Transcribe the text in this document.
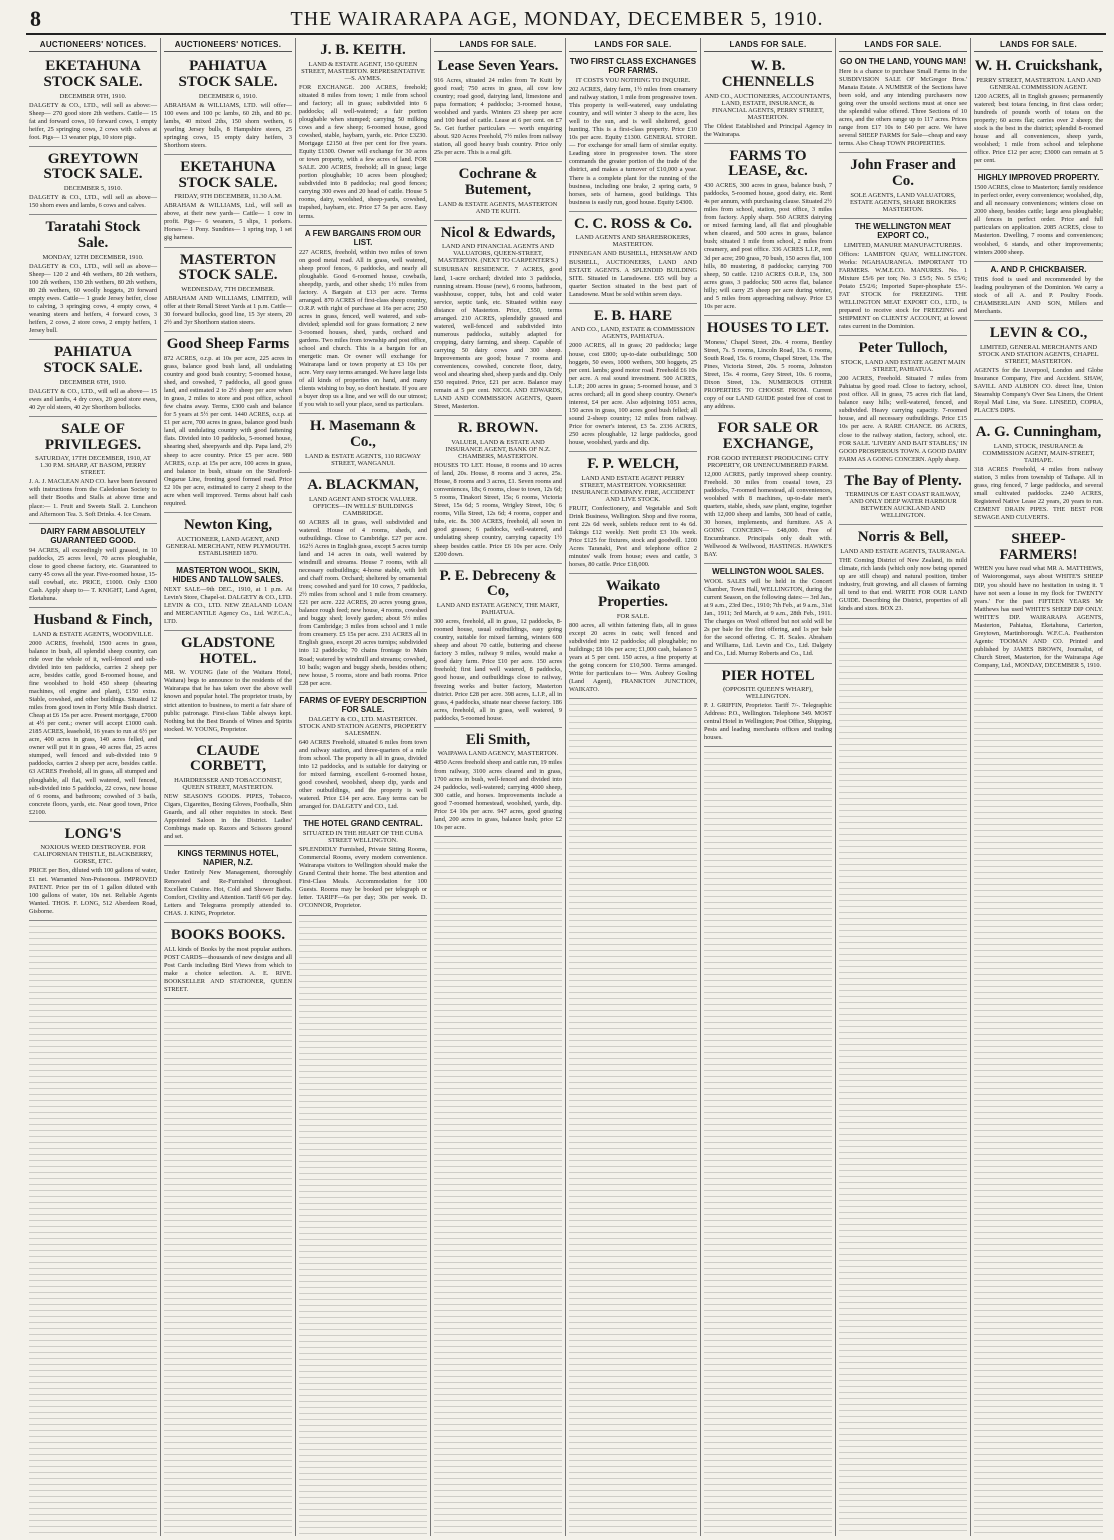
8	THE WAIRARAPA AGE, MONDAY, DECEMBER 5, 1910.
AUCTIONEERS' NOTICES.
EKETAHUNA STOCK SALE.
DECEMBER 9TH, 1910.

DALGETY & CO., LTD., will sell as above:— Sheep— 270 good store 2th wethers. Cattle— 15 fat and forward cows, 10 forward cows, 1 empty heifer, 25 springing cows, 2 cows with calves at foot. Pigs— 13 weaner pigs, 10 store pigs.

GREYTOWN STOCK SALE.
DECEMBER 5, 1910.

DALGETY & CO., LTD., will sell as above— 150 shorn ewes and lambs, 6 cows and calves.

Taratahi Stock Sale.
MONDAY, 12TH DECEMBER, 1910.

DALGETY & CO., LTD., will sell as above— Sheep— 120 2 and 4th wethers, 80 2th wethers, 100 2th wethers, 130 2th wethers, 80 2th wethers, 80 2th wethers, 60 woolly hoggets, 20 forward empty ewes. Cattle— 1 grade Jersey heifer, close to calving, 3 springing cows, 4 empty cows, 4 weaning steers and heifers, 4 forward cows, 3 heifers, 2 cows, 2 store cows, 2 empty heifers, 1 Jersey bull.

PAHIATUA STOCK SALE.
DECEMBER 6TH, 1910.

DALGETY & CO., LTD., will sell as above— 15 ewes and lambs, 4 dry cows, 20 good store ewes, 40 2yr old steers, 40 2yr Shorthorn bullocks.

SALE OF PRIVILEGES.
SATURDAY, 17TH DECEMBER, 1910, AT 1.30 P.M. SHARP, AT BASOM, PERRY STREET.

J. A. J. MACLEAN AND CO. have been favoured with instructions from the Caledonian Society to sell their Booths and Stalls at above time and place:— 1. Fruit and Sweets Stall. 2. Luncheon and Afternoon Tea. 3. Soft Drinks. 4. Ice Cream.

DAIRY FARM ABSOLUTELY GUARANTEED GOOD.

94 ACRES, all exceedingly well grassed, in 10 paddocks, 25 acres level, 70 acres ploughable, close to good cheese factory, etc. Guaranteed to carry 45 cows all the year. Five-roomed house, 15-stall cowbail, etc. PRICE, £1000. Only £300 Cash. Apply sharp to— T. KNIGHT, Land Agent, Eketahuna.

Husband & Finch,
LAND & ESTATE AGENTS, WOODVILLE.

2000 ACRES, freehold, 1500 acres in grass, balance in bush, all splendid sheep country, can ride over the whole of it, well-fenced and sub-divided into ten paddocks, carries 2 sheep per acre, besides cattle, good 8-roomed house, and fine woolshed to hold 450 sheep (shearing machines, oil engine and plant), £150 extra. Stable, cowshed, and other buildings. Situated 12 miles from good town in Forty Mile Bush district. Cheap at £6 15s per acre. Present mortgage, £7000 at 4½ per cent.; owner will accept £1000 cash. 2185 ACRES, leasehold, 16 years to run at 6½ per acre, 400 acres in grass, 140 acres felled, and owner will put it in grass, 40 acres flat, 25 acres stumped, well fenced and sub-divided into 9 paddocks, carries 2 sheep per acre, besides cattle. 63 ACRES Freehold, all in grass, all stumped and ploughable, all flat, well watered, well fenced, sub-divided into 5 paddocks, 22 cows, new house of 6 rooms, and bathroom; cowshed of 3 bails, concrete floors, yards, etc. Near good town, Price £2100.

LONG'S
NOXIOUS WEED DESTROYER. FOR CALIFORNIAN THISTLE, BLACKBERRY, GORSE, ETC.

PRICE per Box, diluted with 100 gallons of water, £1 net. Warranted Non-Poisonous. IMPROVED PATENT. Price per tin of 1 gallon diluted with 100 gallons of water, 10s net. Reliable Agents Wanted. THOS. F. LONG, 512 Aberdeen Road, Gisborne.

AUCTIONEERS' NOTICES.
PAHIATUA STOCK SALE.
DECEMBER 6, 1910.

ABRAHAM & WILLIAMS, LTD. will offer— 100 ewes and 100 pc lambs, 60 2th, and 80 pc. lambs, 40 mixed 2ths, 150 shorn wethers, 6 yearling Jersey bulls, 8 Hampshire steers, 25 springing cows, 15 empty dairy heifers, 3 Shorthorn steers.

EKETAHUNA STOCK SALE.
FRIDAY, 9TH DECEMBER, 11.30 A.M.

ABRAHAM & WILLIAMS, Ltd., will sell as above, at their new yards— Cattle— 1 cow in profit. Pigs— 6 weaners, 5 slips, 1 porkers. Horses— 1 Pony. Sundries— 1 spring trap, 1 set gig harness.

MASTERTON STOCK SALE.
WEDNESDAY, 7TH DECEMBER.

ABRAHAM AND WILLIAMS, LIMITED, will offer at their Renall Street Yards at 1 p.m. Cattle— 30 forward bullocks, good line, 15 3yr steers, 20 2½ and 3yr Shorthorn station steers.

Good Sheep Farms

872 ACRES, o.r.p. at 10s per acre, 225 acres in grass, balance good bush land, all undulating country and good bush country; 5-roomed house, shed, and cowshed, 7 paddocks, all good grass land, and estimated 2 to 2½ sheep per acre when in grass, 2 miles to store and post office, school few chains away. Terms, £300 cash and balance for 5 years at 5½ per cent. 1440 ACRES, o.r.p. at £1 per acre, 700 acres in grass, balance good bush land, all undulating country with good fattening flats. Divided into 10 paddocks, 5-roomed house, shearing shed, sheepyards and dip. Papa land, 2½ sheep to acre country. Price £5 per acre. 980 ACRES, o.r.p. at 15s per acre, 100 acres in grass, and balance in bush, situate on the Stratford-Ongarue Line, fronting good formed road. Price £2 10s per acre, estimated to carry 2 sheep to the acre when well improved. Terms about half cash required.

Newton King,
AUCTIONEER, LAND AGENT, AND GENERAL MERCHANT, NEW PLYMOUTH. ESTABLISHED 1870.
MASTERTON WOOL, SKIN, HIDES AND TALLOW SALES.

NEXT SALE—9th DEC., 1910, at 1 p.m. At Levin's Store, Chapel-st. DALGETY & CO., LTD. LEVIN & CO., LTD. NEW ZEALAND LOAN and MERCANTILE Agency Co., Ltd. W.F.C.A., LTD.

GLADSTONE HOTEL.

MR. W. YOUNG (late of the Waitara Hotel, Waitara) begs to announce to the residents of the Wairarapa that he has taken over the above well known and popular hotel. The proprietor trusts, by strict attention to business, to merit a fair share of public patronage. First-class Table always kept. Nothing but the Best Brands of Wines and Spirits stocked. W. YOUNG, Proprietor.

CLAUDE CORBETT,
HAIRDRESSER AND TOBACCONIST, QUEEN STREET, MASTERTON.

NEW SEASON'S GOODS. PIPES, Tobacco, Cigars, Cigarettes, Boxing Gloves, Footballs, Shin Guards, and all other requisites in stock. Best Appointed Saloon in the District. Ladies' Combings made up. Razors and Scissors ground and set.

KINGS TERMINUS HOTEL, NAPIER, N.Z.

Under Entirely New Management, thoroughly Renovated and Re-Furnished throughout. Excellent Cuisine. Hot, Cold and Shower Baths. Comfort, Civility and Attention. Tariff 6/6 per day. Letters and Telegrams promptly attended to. CHAS. J. KING, Proprietor.

BOOKS BOOKS.

ALL kinds of Books by the most popular authors. POST CARDS—thousands of new designs and all Post Cards including Bird Views from which to make a choice selection. A. E. RIVE. BOOKSELLER AND STATIONER, QUEEN STREET.

J. B. KEITH.
LAND & ESTATE AGENT, 150 QUEEN STREET, MASTERTON. REPRESENTATIVE—S. AYMES.

FOR EXCHANGE. 200 ACRES, freehold; situated 8 miles from town; 1 mile from school and factory; all in grass; subdivided into 6 paddocks; all well-watered; a fair portion ploughable when stumped; carrying 50 milking cows and a few sheep; 6-roomed house, good cowshed, stable, haybarn, yards, etc. Price £3230. Mortgage £2150 at five per cent for five years. Equity £1300. Owner will exchange for 30 acres or town property, with a few acres of land. FOR SALE. 200 ACRES, freehold; all in grass; large portion ploughable; 10 acres been ploughed; subdivided into 8 paddocks; real good fences; carrying 300 ewes and 20 head of cattle. House 5 rooms, dairy, woolshed, sheep-yards, cowshed, trapshed, haybarn, etc. Price £7 5s per acre. Easy terms.

A FEW BARGAINS FROM OUR LIST.

227 ACRES, freehold, within two miles of town on good metal road. All in grass, well watered, sheep proof fences, 6 paddocks, and nearly all ploughable. Good 6-roomed house, cowbails, sheepdip, yards, and other sheds; 1½ miles from factory. A Bargain at £13 per acre. Terms arranged. 870 ACRES of first-class sheep country, O.R.P. with right of purchase at 16s per acre; 250 acres in grass, fenced, well watered, and sub-divided; splendid soil for grass formation; 2 new 3-roomed houses, shed, yards, orchard and gardens. Two miles from township and post office, school and church. This is a bargain for an energetic man. Or owner will exchange for Wairarapa land or town property at £3 10s per acre. Very easy terms arranged. We have large lists of all kinds of properties on hand, and many clients wishing to buy, so don't hesitate. If you are a buyer drop us a line, and we will do our utmost; if you wish to sell your place, send us particulars.

H. Masemann & Co.,
LAND & ESTATE AGENTS, 110 RIGWAY STREET, WANGANUI.
A. BLACKMAN,
LAND AGENT AND STOCK VALUER. OFFICES—IN WELLS' BUILDINGS CAMBRIDGE.

60 ACRES all in grass, well subdivided and watered. House of 4 rooms, sheds, and outbuildings. Close to Cambridge. £27 per acre. 162½ Acres in English grass, except 5 acres turnip land and 14 acres in oats, well watered by windmill and streams. House 7 rooms, with all necessary outbuildings; 4-horse stable, with loft and chaff room. Orchard; sheltered by ornamental trees; cowshed and yard for 10 cows, 7 paddocks, 2½ miles from school and 1 mile from creamery. £21 per acre. 222 ACRES, 20 acres young grass, balance rough feed; new house, 4 rooms, cowshed and buggy shed; lovely garden; about 5½ miles from Cambridge; 3 miles from school and 1 mile from creamery. £5 15s per acre. 231 ACRES all in English grass, except 20 acres turnips; subdivided into 12 paddocks; 70 chains frontage to Main Road; watered by windmill and streams; cowshed, 10 bails; wagon and buggy sheds, besides others; new house, 5 rooms, store and bath rooms. Price £28 per acre.

FARMS OF EVERY DESCRIPTION FOR SALE.
DALGETY & CO., LTD. MASTERTON. STOCK AND STATION AGENTS, PROPERTY SALESMEN.

640 ACRES Freehold, situated 6 miles from town and railway station, and three-quarters of a mile from school. The property is all in grass, divided into 12 paddocks, and is suitable for dairying or for mixed farming, excellent 6-roomed house, good cowshed, woolshed, sheep dip, yards and other outbuildings, and the property is well watered. Price £14 per acre. Easy terms can be arranged for. DALGETY and CO., Ltd.

THE HOTEL GRAND CENTRAL.
SITUATED IN THE HEART OF THE CUBA STREET WELLINGTON.

SPLENDIDLY Furnished, Private Sitting Rooms, Commercial Rooms, every modern convenience. Wairarapa visitors to Wellington should make the Grand Central their home. The best attention and First-Class Meals. Accommodation for 100 Guests. Rooms may be booked per telegraph or letter. TARIFF—6s per day; 30s per week. D. O'CONNOR, Proprietor.

LANDS FOR SALE.
Lease Seven Years.

916 Acres, situated 24 miles from Te Kuiti by good road; 750 acres in grass, all cow low country; road good, dairying land, limestone and papa formation; 4 paddocks; 3-roomed house, woolshed and yards. Winters 23 sheep per acre and 100 head of cattle. Lease at 6 per cent. on £7 5s. Get further particulars — worth enquiring about. 920 Acres Freehold, 7½ miles from railway station, all good heavy bush country. Price only 25s per acre. This is a real gift.

Cochrane & Butement,
LAND & ESTATE AGENTS, MASTERTON AND TE KUITI.
Nicol & Edwards,
LAND AND FINANCIAL AGENTS AND VALUATORS, QUEEN-STREET, MASTERTON. (NEXT TO CARPENTER'S.)

SUBURBAN RESIDENCE. 7 ACRES, good land, 1-acre orchard; divided into 3 paddocks, running stream. House (new), 6 rooms, bathroom, washhouse, copper, tubs, hot and cold water service, septic tank, etc. Situated within easy distance of Masterton. Price, £550, terms arranged. 210 ACRES, splendidly grassed and watered, well-fenced and subdivided into numerous paddocks, suitably adapted for cropping, dairy farming, and sheep. Capable of carrying 50 dairy cows and 300 sheep. Improvements are good; house 7 rooms and conveniences, cowshed, concrete floor, dairy, wool and shearing shed, sheep yards and dip. Only £50 required. Price, £21 per acre. Balance may remain at 5 per cent. NICOL AND EDWARDS, LAND AND COMMISSION AGENTS, Queen Street, Masterton.

R. BROWN.
VALUER, LAND & ESTATE AND INSURANCE AGENT, BANK OF N.Z. CHAMBERS, MASTERTON.

HOUSES TO LET. House, 8 rooms and 10 acres of land, 20s. House, 8 rooms and 3 acres, 25s. House, 8 rooms and 3 acres, £1. Seven rooms and conveniences, 18s; 6 rooms, close to town, 12s 6d; 5 rooms, Tinakori Street, 15s; 6 rooms, Victoria Street, 15s 6d; 5 rooms, Wrigley Street, 10s; 6 rooms, Villa Street, 12s 6d; 4 rooms, copper and tubs, etc. 8s. 300 ACRES, freehold, all sown in good grasses; 6 paddocks, well-watered, and undulating sheep country, carrying capacity 1½ sheep besides cattle. Price £6 10s per acre. Only £200 down.

P. E. Debreceny & Co,
LAND AND ESTATE AGENCY, THE MART, PAHIATUA.

300 acres, freehold, all in grass, 12 paddocks, 8-roomed house, usual outbuildings, easy going country, suitable for mixed farming, winters 600 sheep and about 70 cattle, buttering and cheese factory 3 miles, railway 9 miles, would make a good dairy farm. Price £10 per acre. 150 acres freehold; first land well watered, 8 paddocks, good house, and outbuildings close to railway, freezing works and butter factory, Masterton district. Price £28 per acre. 398 acres, L.I.P., all in grass, 4 paddocks, situate near cheese factory. 186 acres, freehold, all in grass, well watered, 9 paddocks, 5-roomed house.

Eli Smith,
WAIPAWA LAND AGENCY, MASTERTON.

4850 Acres freehold sheep and cattle run, 19 miles from railway, 3100 acres cleared and in grass, 1700 acres in bush, well-fenced and divided into 24 paddocks, well-watered; carrying 4000 sheep, 300 cattle, and horses. Improvements include a good 7-roomed homestead, woolshed, yards, dip. Price £4 10s per acre. 947 acres, good grazing land, 200 acres in grass, balance bush; price £2 10s per acre.

LANDS FOR SALE.
TWO FIRST CLASS EXCHANGES FOR FARMS.
IT COSTS YOU NOTHING TO INQUIRE.

202 ACRES, dairy farm, 1½ miles from creamery and railway station, 1 mile from progressive town. This property is well-watered, easy undulating country, and will winter 3 sheep to the acre, lies well to the sun, and is well sheltered, good hunting. This is a first-class property. Price £10 10s per acre. Equity £1300. GENERAL STORE. — For exchange for small farm of similar equity. Leading store in progressive town. The store commands the greater portion of the trade of the district, and makes a turnover of £10,000 a year. There is a complete plant for the running of the business, including one brake, 2 spring carts, 9 horses, sets of harness, good buildings. This business is easily run, good house. Equity £4300.

C. C. ROSS & Co.
LAND AGENTS AND SHAREBROKERS, MASTERTON.

FINNEGAN AND BUSHELL, HENSHAW AND BUSHELL, AUCTIONEERS, LAND AND ESTATE AGENTS. A SPLENDID BUILDING SITE. Situated in Lansdowne. £65 will buy a quarter Section situated in the best part of Lansdowne. Must be sold within seven days.

E. B. HARE
AND CO., LAND, ESTATE & COMMISSION AGENTS, PAHIATUA.

2000 ACRES, all in grass; 20 paddocks; large house, cost £800; up-to-date outbuildings; 500 hoggets, 50 ewes, 1000 wethers, 300 hoggets, 25 per cent. lambs; good motor road. Freehold £6 10s per acre. A real sound investment. 500 ACRES, L.I.P.; 200 acres in grass; 5-roomed house, and 3 acres orchard; all in good sheep country. Owner's interest, £4 per acre. Also adjoining 1051 acres, 150 acres in grass, 100 acres good bush felled; all sound 2-sheep country; 12 miles from railway. Price for owner's interest, £3 5s. 2336 ACRES, 250 acres ploughable, 12 large paddocks, good house, woolshed, yards and dip.

F. P. WELCH,
LAND AND ESTATE AGENT PERRY STREET, MASTERTON. YORKSHIRE INSURANCE COMPANY. FIRE, ACCIDENT AND LIVE STOCK.

FRUIT, Confectionery, and Vegetable and Soft Drink Business, Wellington. Shop and five rooms, rent 22s 6d week, sublets reduce rent to 4s 6d. Takings £12 weekly. Nett profit £3 10s week. Price £125 for fixtures, stock and goodwill. 1200 Acres Taranaki, Pest and telephone office 2 minutes' walk from house; ewes and cattle, 3 horses, 80 cattle. Price £18,000.

Waikato Properties.
FOR SALE.

800 acres, all within fattening flats, all in grass except 20 acres in oats; well fenced and subdivided into 12 paddocks; all ploughable; no buildings; £8 10s per acre; £1,000 cash, balance 5 years at 5 per cent. 150 acres, a fine property at the going concern for £10,500. Terms arranged. Write for particulars to— Wm. Aubrey Gosling (Land Agent), FRANKTON JUNCTION, WAIKATO.

LANDS FOR SALE.
W. B. CHENNELLS
AND CO., AUCTIONEERS, ACCOUNTANTS, LAND, ESTATE, INSURANCE, & FINANCIAL AGENTS, PERRY STREET, MASTERTON.

The Oldest Established and Principal Agency in the Wairarapa.

FARMS TO LEASE, &c.

430 ACRES, 300 acres in grass, balance bush, 7 paddocks, 5-roomed house, good dairy, etc. Rent 4s per annum, with purchasing clause. Situated 2½ miles from school, station, post office, 3 miles from factory. Apply sharp. 560 ACRES dairying or mixed farming land, all flat and ploughable when cleared, and 500 acres in grass, balance bush; situated 1 mile from school, 2 miles from creamery, and post office. 336 ACRES L.I.P., rent 3d per acre; 290 grass, 70 bush, 150 acres flat, 100 hills, 80 mustering, 8 paddocks; carrying 700 sheep, 50 cattle. 1210 ACRES O.R.P., 13s, 300 acres grass, 3 paddocks; 500 acres flat, balance hilly; will carry 25 sheep per acre during winter, and 5 miles from approaching railway. Price £3 10s per acre.

HOUSES TO LET.

'Moness,' Chapel Street, 20s. 4 rooms, Bentley Street, 7s. 5 rooms, Lincoln Road, 13s. 6 rooms, South Road, 15s. 6 rooms, Chapel Street, 13s. The Pines, Victoria Street, 20s. 5 rooms, Johnston Street, 15s. 4 rooms, Grey Street, 10s. 6 rooms, Dixon Street, 13s. NUMEROUS OTHER PROPERTIES TO CHOOSE FROM. Current copy of our LAND GUIDE posted free of cost to any address.

FOR SALE OR EXCHANGE,
FOR GOOD INTEREST PRODUCING CITY PROPERTY, OR UNENCUMBERED FARM.

12,000 ACRES, partly improved sheep country. Freehold. 30 miles from coastal town, 23 paddocks, 7-roomed homestead, all conveniences, woolshed with 8 machines, up-to-date men's quarters, stable, sheds, saw plant, engine, together with 12,000 sheep and lambs, 300 head of cattle, 30 horses, implements, and furniture. AS A GOING CONCERN— £48,000. Free of Encumbrance. Principals only dealt with. Wellwood & Wellwood, HASTINGS. HAWKE'S BAY.

WELLINGTON WOOL SALES.

WOOL SALES will be held in the Concert Chamber, Town Hall, WELLINGTON, during the current Season, on the following dates:— 3rd Jan., at 9 a.m., 23rd Dec., 1910; 7th Feb., at 9 a.m., 31st Jan., 1911; 3rd March, at 9 a.m., 28th Feb., 1911. The charges on Wool offered but not sold will be 2s per bale for the first offering, and 1s per bale for the second offering. C. H. Scales. Abraham and Williams, Ltd. Levin and Co., Ltd. Dalgety and Co., Ltd. Murray Roberts and Co., Ltd.

PIER HOTEL
(OPPOSITE QUEEN'S WHARF), WELLINGTON.

P. J. GRIFFIN, Proprietor. Tariff 7/-. Telegraphic Address: P.O., Wellington. Telephone 349. MOST central Hotel in Wellington; Post Office, Shipping, Pests and leading merchants offices and trading houses.

LANDS FOR SALE.
GO ON THE LAND, YOUNG MAN!

Here is a chance to purchase Small Farms in the SUBDIVISION SALE OF McGregor Bros.' Manaia Estate. A NUMBER of the Sections have been sold, and any intending purchasers now going over the unsold sections must at once see the splendid value offered. Three Sections of 10 acres, and the others range up to 117 acres. Prices range from £17 10s to £40 per acre. We have several SHEEP FARMS for Sale—cheap and easy terms. Also Cheap TOWN PROPERTIES.

John Fraser and Co.
SOLE AGENTS, LAND VALUATORS, ESTATE AGENTS, SHARE BROKERS MASTERTON.
THE WELLINGTON MEAT EXPORT CO.,
LIMITED, MANURE MANUFACTURERS.

Offices: LAMBTON QUAY, WELLINGTON. Works: NGAHAURANGA. IMPORTANT TO FARMERS. W.M.E.CO. MANURES. No. 1 Mixture £5/6 per ton; No. 3 £5/5; No. 5 £5/6; Potato £5/2/6; Imported Super-phosphate £5/-. FAT STOCK for FREEZING. THE WELLINGTON MEAT EXPORT CO., LTD., is prepared to receive stock for FREEZING and SHIPMENT on CLIENTS' ACCOUNT, at lowest rates current in the Dominion.

Peter Tulloch,
STOCK, LAND AND ESTATE AGENT MAIN STREET, PAHIATUA.

200 ACRES, Freehold. Situated 7 miles from Pahiatua by good road. Close to factory, school, post office. All in grass, 75 acres rich flat land, balance easy hills; well-watered, fenced, and subdivided. Heavy carrying capacity. 7-roomed house, and all necessary outbuildings. Price £15 10s per acre. A RARE CHANCE. 86 ACRES, close to the railway station, factory, school, etc. FOR SALE. 'LIVERY AND BAIT STABLES,' IN GOOD PROSPEROUS TOWN. A GOOD DAIRY FARM AS A GOING CONCERN. Apply sharp.

The Bay of Plenty.
TERMINUS OF EAST COAST RAILWAY, AND ONLY DEEP WATER HARBOUR BETWEEN AUCKLAND AND WELLINGTON.
Norris & Bell,
LAND AND ESTATE AGENTS, TAURANGA.

THE Coming District of New Zealand, its mild climate, rich lands (which only now being opened up are still cheap) and natural position, timber industry, fruit growing, and all classes of farming all tend to that end. WRITE FOR OUR LAND GUIDE. Describing the District, properties of all kinds and sizes. BOX 23.

LANDS FOR SALE.
W. H. Cruickshank,
PERRY STREET, MASTERTON. LAND AND GENERAL COMMISSION AGENT.

1200 ACRES, all in English grasses; permanently watered; best totara fencing, in first class order; hundreds of pounds worth of totara on the property; 60 acres flat; carries over 2 sheep; the stock is the best in the district; splendid 8-roomed house and all conveniences, sheep yards, woolshed; 1 mile from school and telephone office. Price £12 per acre; £3000 can remain at 5 per cent.

HIGHLY IMPROVED PROPERTY.

1500 ACRES, close to Masterton; family residence in perfect order, every convenience; woolshed, dip, and all necessary conveniences; winters close on 2000 sheep, besides cattle; large area ploughable; all fences in perfect order. Price and full particulars on application. 2085 ACRES, close to Masterton. Dwelling, 7 rooms and conveniences; woolshed, 6 stands, and other improvements; winters 2000 sheep.

A. AND P. CHICKBAISER.

THIS food is used and recommended by the leading poultrymen of the Dominion. We carry a stock of all A. and P. Poultry Foods. CHAMBERLAIN AND SON, Millers and Merchants.

LEVIN & CO.,
LIMITED, GENERAL MERCHANTS AND STOCK AND STATION AGENTS, CHAPEL STREET, MASTERTON.

AGENTS for the Liverpool, London and Globe Insurance Company, Fire and Accident. SHAW, SAVILL AND ALBION CO. direct line, Union Steamship Company's Over Sea Liners, the Orient Royal Mail Line, via Suez. LINSEED, COPRA, PLACE'S DIPS.

A. G. Cunningham,
LAND, STOCK, INSURANCE & COMMISSION AGENT, MAIN-STREET, TAIHAPE.

318 ACRES Freehold, 4 miles from railway station, 3 miles from township of Taihape. All in grass, ring fenced, 7 large paddocks, and several small cultivated paddocks. 2240 ACRES, Registered Native Lease 22 years, 20 years to run. CEMENT DRAIN PIPES. THE BEST FOR SEWAGE AND CULVERTS.

SHEEP-FARMERS!

WHEN you have read what MR A. MATTHEWS, of Waiorongomai, says about WHITE'S SHEEP DIP, you should have no hesitation in using it. 'I have not seen a louse in my flock for TWENTY years.' For the past FIFTEEN YEARS Mr Matthews has used WHITE'S SHEEP DIP ONLY. WHITE'S DIP. WAIRARAPA AGENTS, Masterton, Pahiatua, Eketahuna, Carterton, Greytown, Martinborough. W.F.C.A. Featherston Agents: TOOMAN AND CO. Printed and published by JAMES BROWN, Journalist, of Church Street, Masterton, for the Wairarapa Age Company, Ltd., MONDAY, DECEMBER 5, 1910.
